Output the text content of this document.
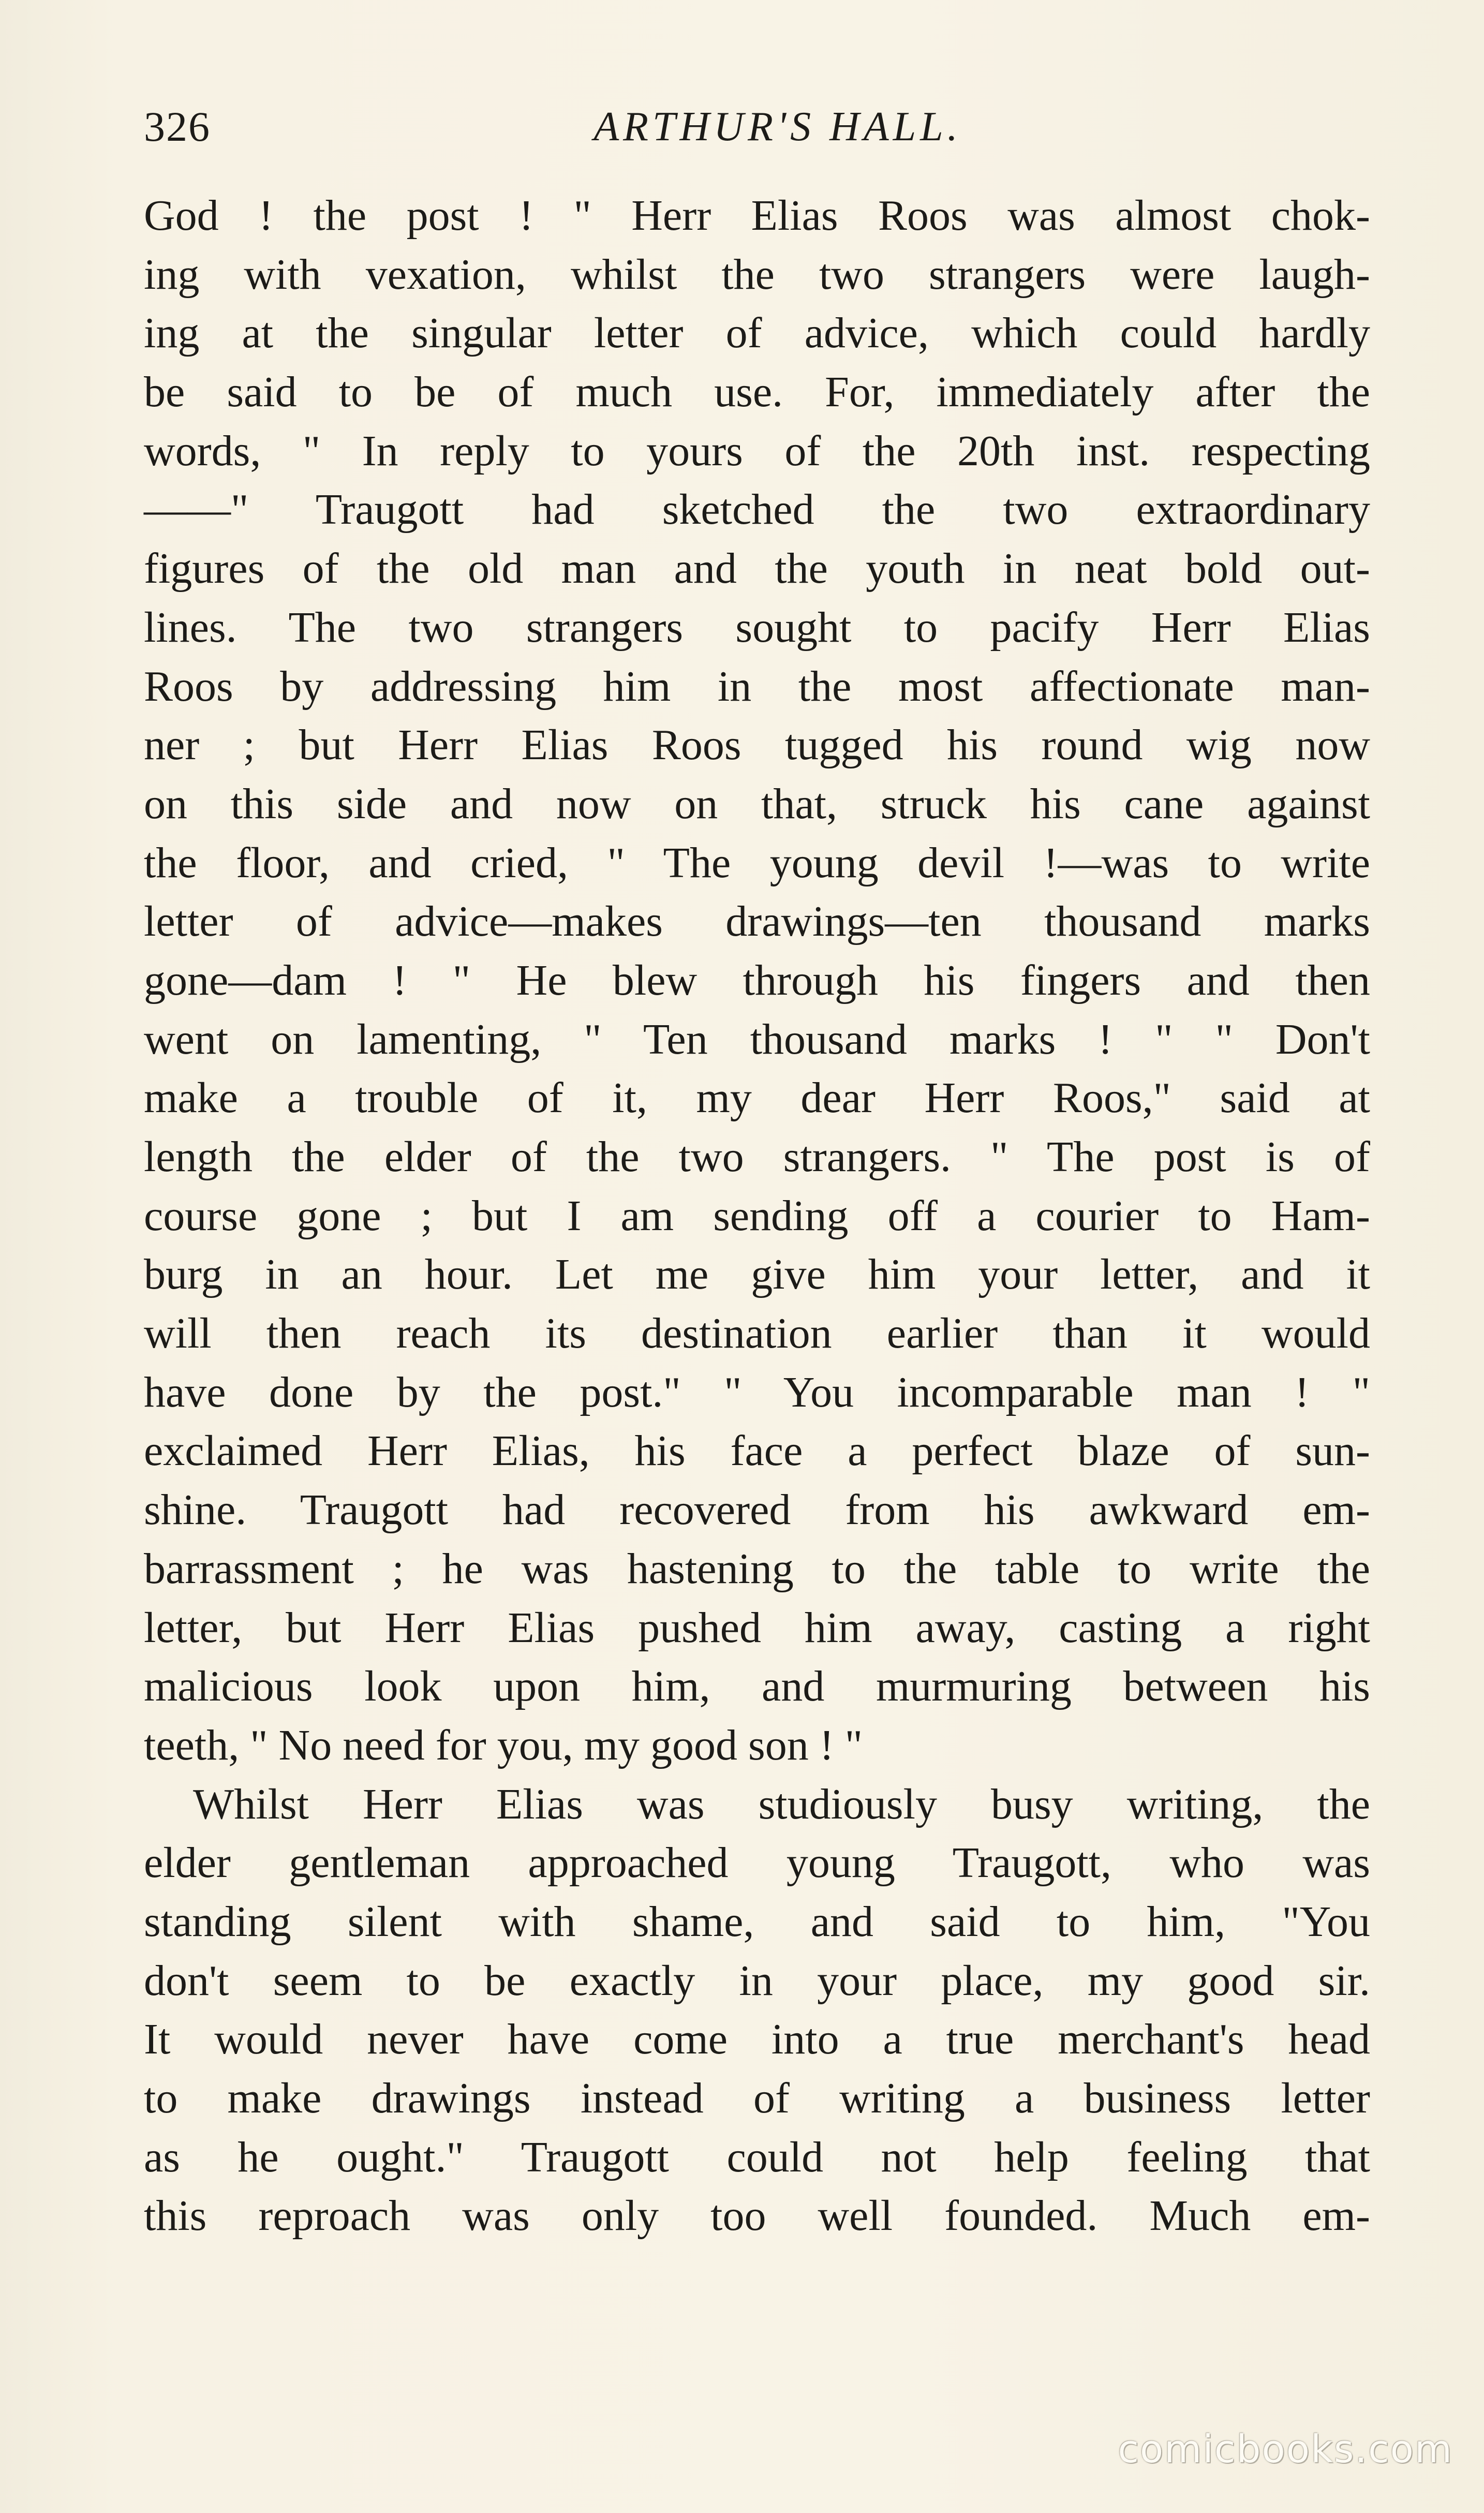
326	ARTHUR'S HALL.
God ! the post ! " Herr Elias Roos was almost chok-
ing with vexation, whilst the two strangers were laugh-
ing at the singular letter of advice, which could hardly
be said to be of much use. For, immediately after the
words, " In reply to yours of the 20th inst. respecting
——" Traugott had sketched the two extraordinary
figures of the old man and the youth in neat bold out-
lines. The two strangers sought to pacify Herr Elias
Roos by addressing him in the most affectionate man-
ner ; but Herr Elias Roos tugged his round wig now
on this side and now on that, struck his cane against
the floor, and cried, " The young devil !—was to write
letter of advice—makes drawings—ten thousand marks
gone—dam ! " He blew through his fingers and then
went on lamenting, " Ten thousand marks ! " " Don't
make a trouble of it, my dear Herr Roos," said at
length the elder of the two strangers. " The post is of
course gone ; but I am sending off a courier to Ham-
burg in an hour. Let me give him your letter, and it
will then reach its destination earlier than it would
have done by the post." " You incomparable man ! "
exclaimed Herr Elias, his face a perfect blaze of sun-
shine. Traugott had recovered from his awkward em-
barrassment ; he was hastening to the table to write the
letter, but Herr Elias pushed him away, casting a right
malicious look upon him, and murmuring between his
teeth, " No need for you, my good son ! "
Whilst Herr Elias was studiously busy writing, the
elder gentleman approached young Traugott, who was
standing silent with shame, and said to him, "You
don't seem to be exactly in your place, my good sir.
It would never have come into a true merchant's head
to make drawings instead of writing a business letter
as he ought." Traugott could not help feeling that
this reproach was only too well founded. Much em-
comicbooks.com
